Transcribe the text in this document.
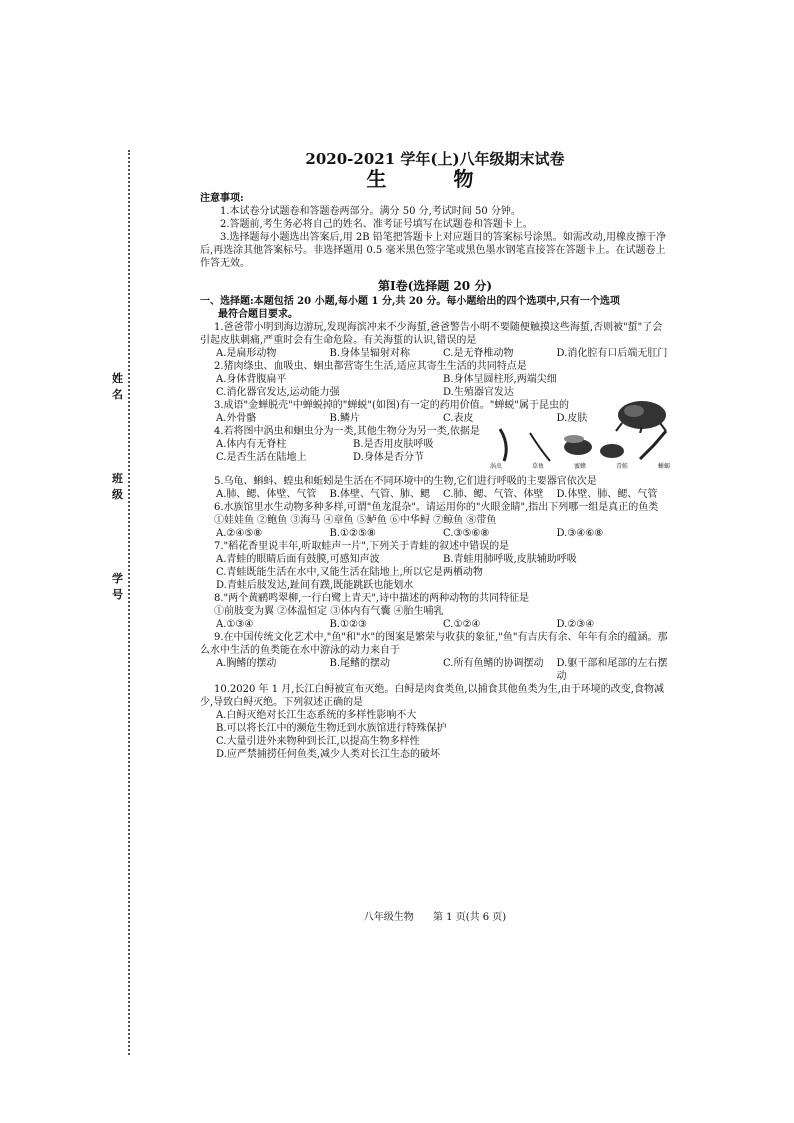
姓名
班级
学号

2020-2021 学年(上)八年级期末试卷

生 物

注意事项:

1.本试卷分试题卷和答题卷两部分。满分 50 分,考试时间 50 分钟。

2.答题前,考生务必将自己的姓名、准考证号填写在试题卷和答题卡上。

3.选择题每小题选出答案后,用 2B 铅笔把答题卡上对应题目的答案标号涂黑。如需改动,用橡皮擦干净后,再选涂其他答案标号。非选择题用 0.5 毫米黑色签字笔或黑色墨水钢笔直接答在答题卡上。在试题卷上作答无效。

第Ⅰ卷(选择题 20 分)

一、选择题:本题包括 20 小题,每小题 1 分,共 20 分。每小题给出的四个选项中,只有一个选项
最符合题目要求。

1.爸爸带小明到海边游玩,发现海滨冲来不少海蜇,爸爸警告小明不要随便触摸这些海蜇,否则被"蜇"了会引起皮肤刺痛,严重时会有生命危险。有关海蜇的认识,错误的是

A.是扁形动物	B.身体呈辐射对称	C.是无脊椎动物	D.消化腔有口后端无肛门

2.猪肉绦虫、血吸虫、蛔虫都营寄生生活,适应其寄生生活的共同特点是

A.身体背腹扁平	B.身体呈圆柱形,两端尖细
C.消化器官发达,运动能力强	D.生殖器官发达

3.成语"金蝉脱壳"中蝉蜕掉的"蝉蜕"(如图)有一定的药用价值。"蝉蜕"属于昆虫的

A.外骨骼	B.鳞片	C.表皮	D.皮肤

4.若将图中涡虫和蛔虫分为一类,其他生物分为另一类,依据是

涡虫	草鱼	蜜蜂	青蛙	蜥蜴
A.体内有无脊柱	B.是否用皮肤呼吸
C.是否生活在陆地上	D.身体是否分节

5.乌龟、蝌蚪、蝗虫和蚯蚓是生活在不同环境中的生物,它们进行呼吸的主要器官依次是

A.肺、鳃、体壁、气管	B.体壁、气管、肺、鳃	C.肺、鳃、气管、体壁	D.体壁、肺、鳃、气管

6.水族馆里水生动物多种多样,可谓"鱼龙混杂"。请运用你的"火眼金睛",指出下列哪一组是真正的鱼类

①娃娃鱼 ②鲍鱼 ③海马 ④章鱼 ⑤鲈鱼 ⑥中华鲟 ⑦鲸鱼 ⑧带鱼

A.②④⑤⑧	B.①②⑤⑧	C.③⑤⑥⑧	D.③④⑥⑧

7."稻花香里说丰年,听取蛙声一片",下列关于青蛙的叙述中错误的是

A.青蛙的眼睛后面有鼓膜,可感知声波	B.青蛙用肺呼吸,皮肤辅助呼吸
C.青蛙既能生活在水中,又能生活在陆地上,所以它是两栖动物
D.青蛙后肢发达,趾间有蹼,既能跳跃也能划水

8."两个黄鹂鸣翠柳,一行白鹭上青天",诗中描述的两种动物的共同特征是

①前肢变为翼 ②体温恒定 ③体内有气囊 ④胎生哺乳

A.①③④	B.①②③	C.①②④	D.②③④

9.在中国传统文化艺术中,"鱼"和"水"的图案是繁荣与收获的象征,"鱼"有吉庆有余、年年有余的蕴涵。那么水中生活的鱼类能在水中游泳的动力来自于

A.胸鳍的摆动	B.尾鳍的摆动	C.所有鱼鳍的协调摆动	D.躯干部和尾部的左右摆动

10.2020 年 1 月,长江白鲟被宣布灭绝。白鲟是肉食类鱼,以捕食其他鱼类为生,由于环境的改变,食物减少,导致白鲟灭绝。下列叙述正确的是

A.白鲟灭绝对长江生态系统的多样性影响不大
B.可以将长江中的濒危生物迁到水族馆进行特殊保护
C.大量引进外来物种到长江,以提高生物多样性
D.应严禁捕捞任何鱼类,减少人类对长江生态的破坏
八年级生物 第 1 页(共 6 页)
